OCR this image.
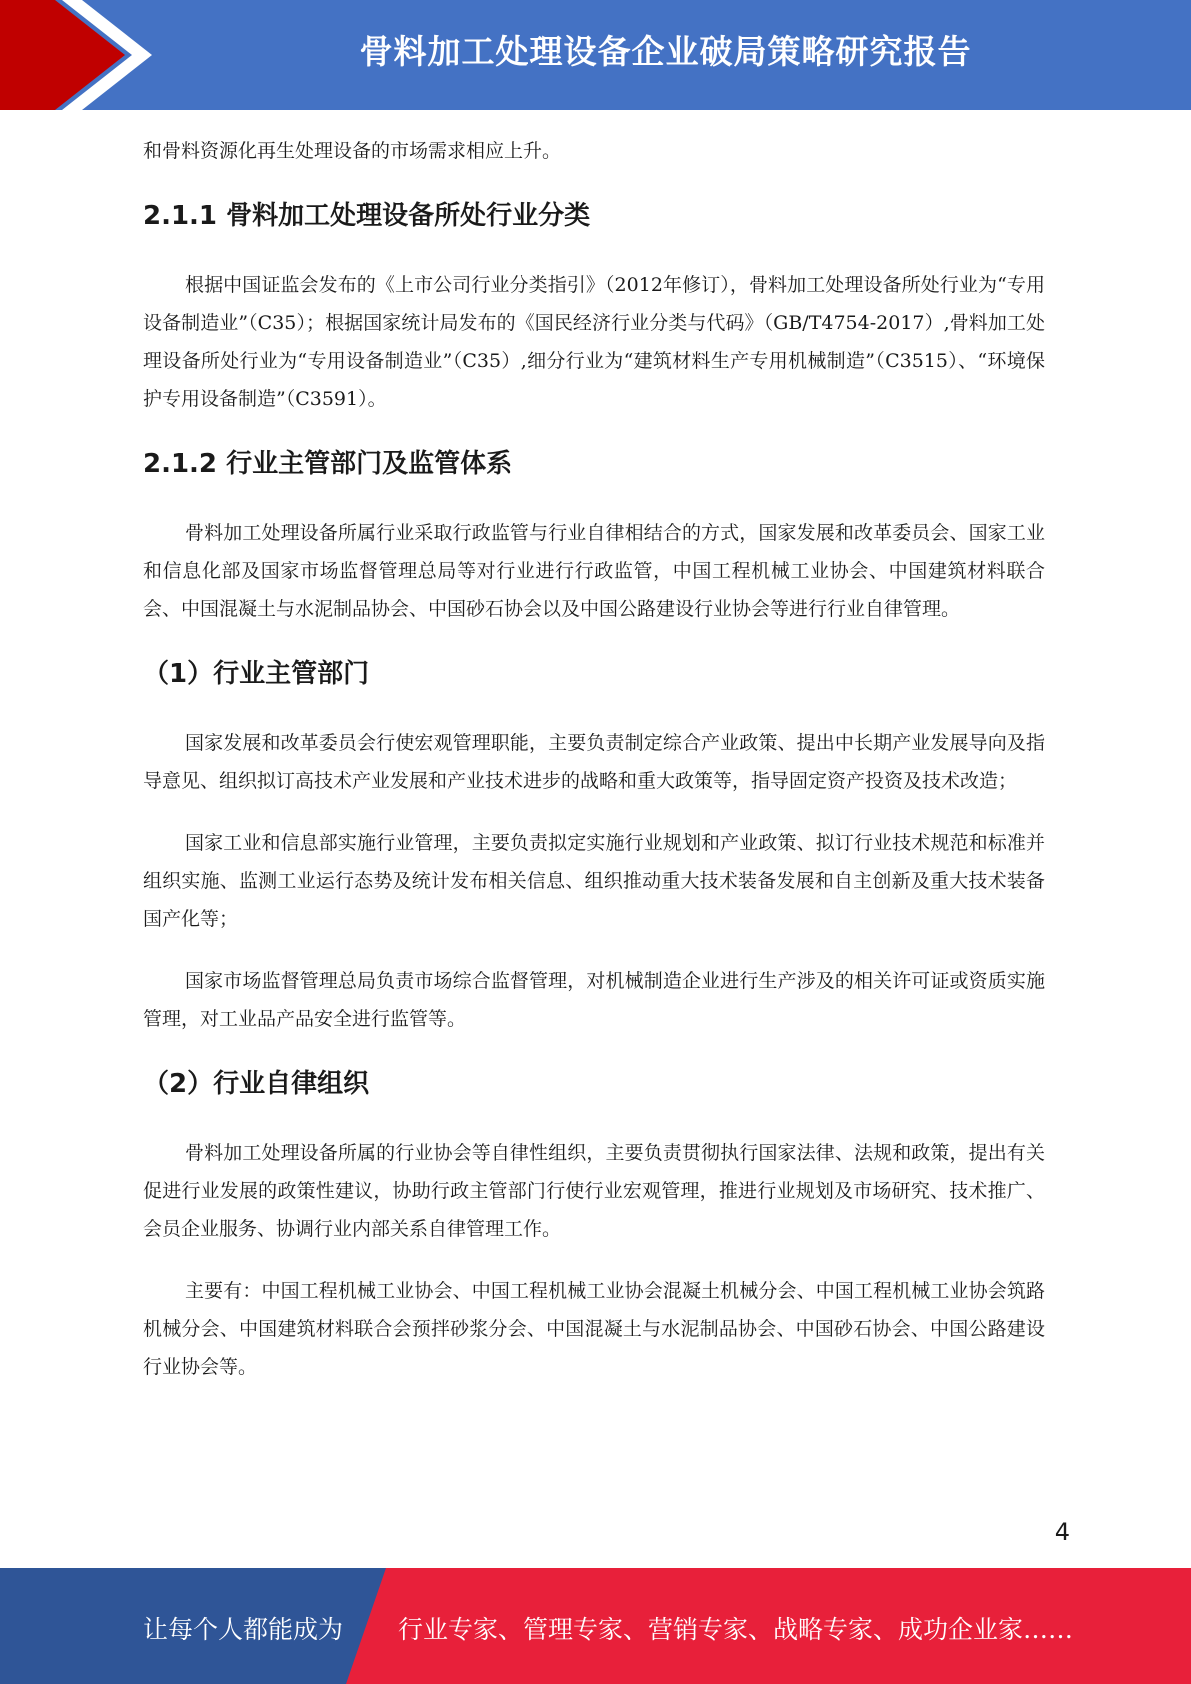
骨料加工处理设备企业破局策略研究报告

和骨料资源化再生处理设备的市场需求相应上升。

2.1.1 骨料加工处理设备所处行业分类

根据中国证监会发布的《上市公司行业分类指引》（2012年修订），骨料加工处理设备所处行业为“专用设备制造业”（C35）；根据国家统计局发布的《国民经济行业分类与代码》（GB/T4754-2017）,骨料加工处理设备所处行业为“专用设备制造业”（C35）,细分行业为“建筑材料生产专用机械制造”（C3515）、“环境保护专用设备制造”（C3591）。

2.1.2 行业主管部门及监管体系

骨料加工处理设备所属行业采取行政监管与行业自律相结合的方式，国家发展和改革委员会、国家工业和信息化部及国家市场监督管理总局等对行业进行行政监管，中国工程机械工业协会、中国建筑材料联合会、中国混凝土与水泥制品协会、中国砂石协会以及中国公路建设行业协会等进行行业自律管理。

（1）行业主管部门

国家发展和改革委员会行使宏观管理职能，主要负责制定综合产业政策、提出中长期产业发展导向及指导意见、组织拟订高技术产业发展和产业技术进步的战略和重大政策等，指导固定资产投资及技术改造；

国家工业和信息部实施行业管理，主要负责拟定实施行业规划和产业政策、拟订行业技术规范和标准并组织实施、监测工业运行态势及统计发布相关信息、组织推动重大技术装备发展和自主创新及重大技术装备国产化等；

国家市场监督管理总局负责市场综合监督管理，对机械制造企业进行生产涉及的相关许可证或资质实施管理，对工业品产品安全进行监管等。

（2）行业自律组织

骨料加工处理设备所属的行业协会等自律性组织，主要负责贯彻执行国家法律、法规和政策，提出有关促进行业发展的政策性建议，协助行政主管部门行使行业宏观管理，推进行业规划及市场研究、技术推广、会员企业服务、协调行业内部关系自律管理工作。

主要有：中国工程机械工业协会、中国工程机械工业协会混凝土机械分会、中国工程机械工业协会筑路机械分会、中国建筑材料联合会预拌砂浆分会、中国混凝土与水泥制品协会、中国砂石协会、中国公路建设行业协会等。

4
让每个人都能成为 行业专家、管理专家、营销专家、战略专家、成功企业家……
